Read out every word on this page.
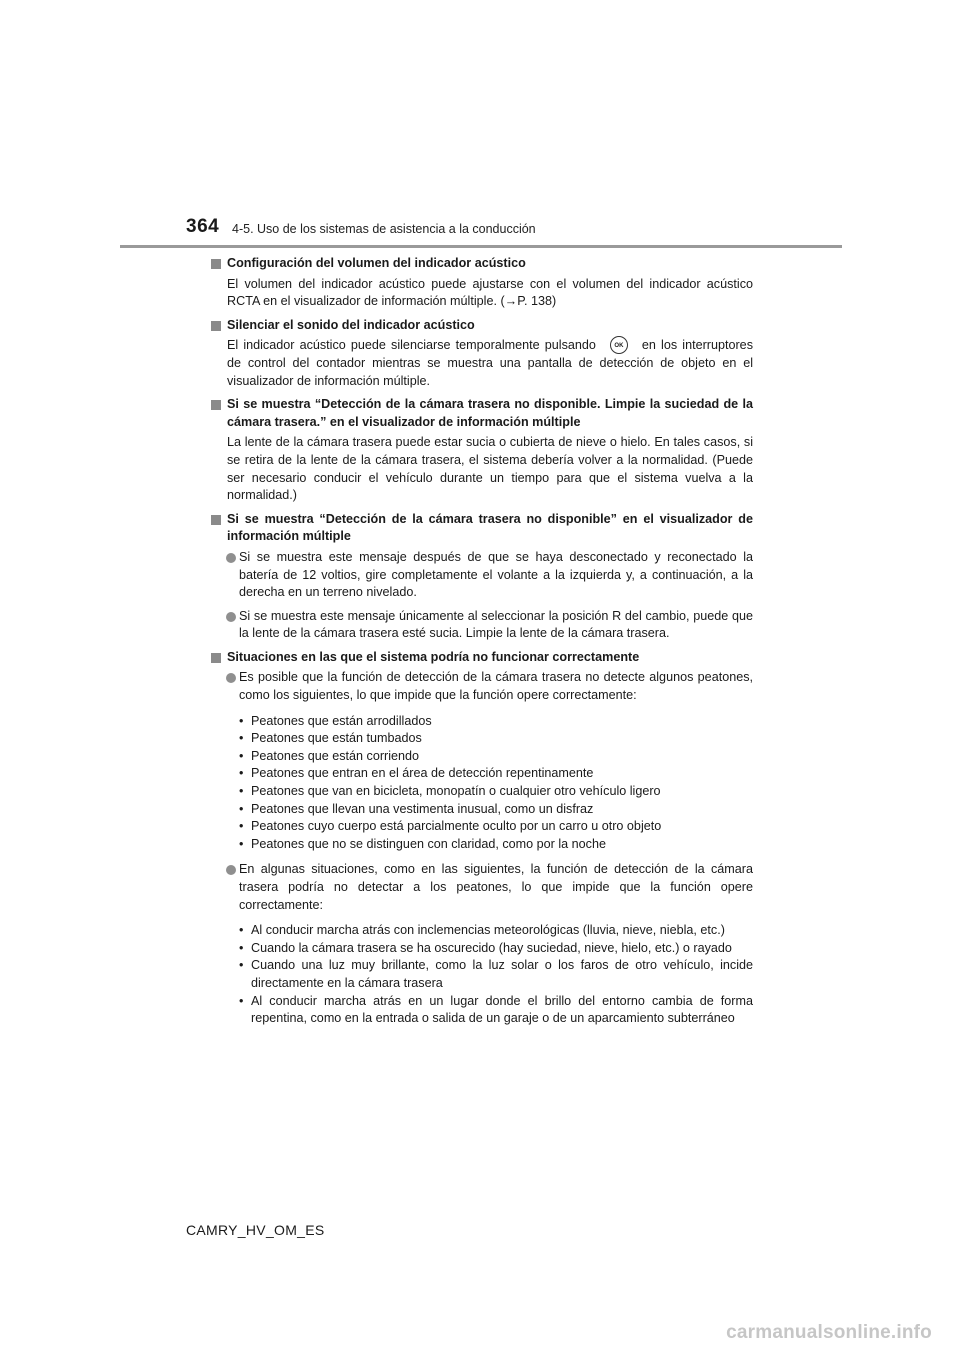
364 4-5. Uso de los sistemas de asistencia a la conducción
Configuración del volumen del indicador acústico
El volumen del indicador acústico puede ajustarse con el volumen del indicador acústico RCTA en el visualizador de información múltiple. (→P. 138)
Silenciar el sonido del indicador acústico
El indicador acústico puede silenciarse temporalmente pulsando	OK en los interruptores de control del contador mientras se muestra una pantalla de detección de objeto en el visualizador de información múltiple.
Si se muestra “Detección de la cámara trasera no disponible. Limpie la suciedad de la cámara trasera.” en el visualizador de información múltiple
La lente de la cámara trasera puede estar sucia o cubierta de nieve o hielo. En tales casos, si se retira de la lente de la cámara trasera, el sistema debería volver a la normalidad. (Puede ser necesario conducir el vehículo durante un tiempo para que el sistema vuelva a la normalidad.)
Si se muestra “Detección de la cámara trasera no disponible” en el visualizador de información múltiple
Si se muestra este mensaje después de que se haya desconectado y reconectado la batería de 12 voltios, gire completamente el volante a la izquierda y, a continuación, a la derecha en un terreno nivelado.
Si se muestra este mensaje únicamente al seleccionar la posición R del cambio, puede que la lente de la cámara trasera esté sucia. Limpie la lente de la cámara trasera.
Situaciones en las que el sistema podría no funcionar correctamente
Es posible que la función de detección de la cámara trasera no detecte algunos peatones, como los siguientes, lo que impide que la función opere correctamente:
• Peatones que están arrodillados
• Peatones que están tumbados
• Peatones que están corriendo
• Peatones que entran en el área de detección repentinamente
• Peatones que van en bicicleta, monopatín o cualquier otro vehículo ligero
• Peatones que llevan una vestimenta inusual, como un disfraz
• Peatones cuyo cuerpo está parcialmente oculto por un carro u otro objeto
• Peatones que no se distinguen con claridad, como por la noche
En algunas situaciones, como en las siguientes, la función de detección de la cámara trasera podría no detectar a los peatones, lo que impide que la función opere correctamente:
• Al conducir marcha atrás con inclemencias meteorológicas (lluvia, nieve, niebla, etc.)
• Cuando la cámara trasera se ha oscurecido (hay suciedad, nieve, hielo, etc.) o rayado
• Cuando una luz muy brillante, como la luz solar o los faros de otro vehículo, incide directamente en la cámara trasera
• Al conducir marcha atrás en un lugar donde el brillo del entorno cambia de forma repentina, como en la entrada o salida de un garaje o de un aparcamiento subterráneo
CAMRY_HV_OM_ES
carmanualsonline.info
